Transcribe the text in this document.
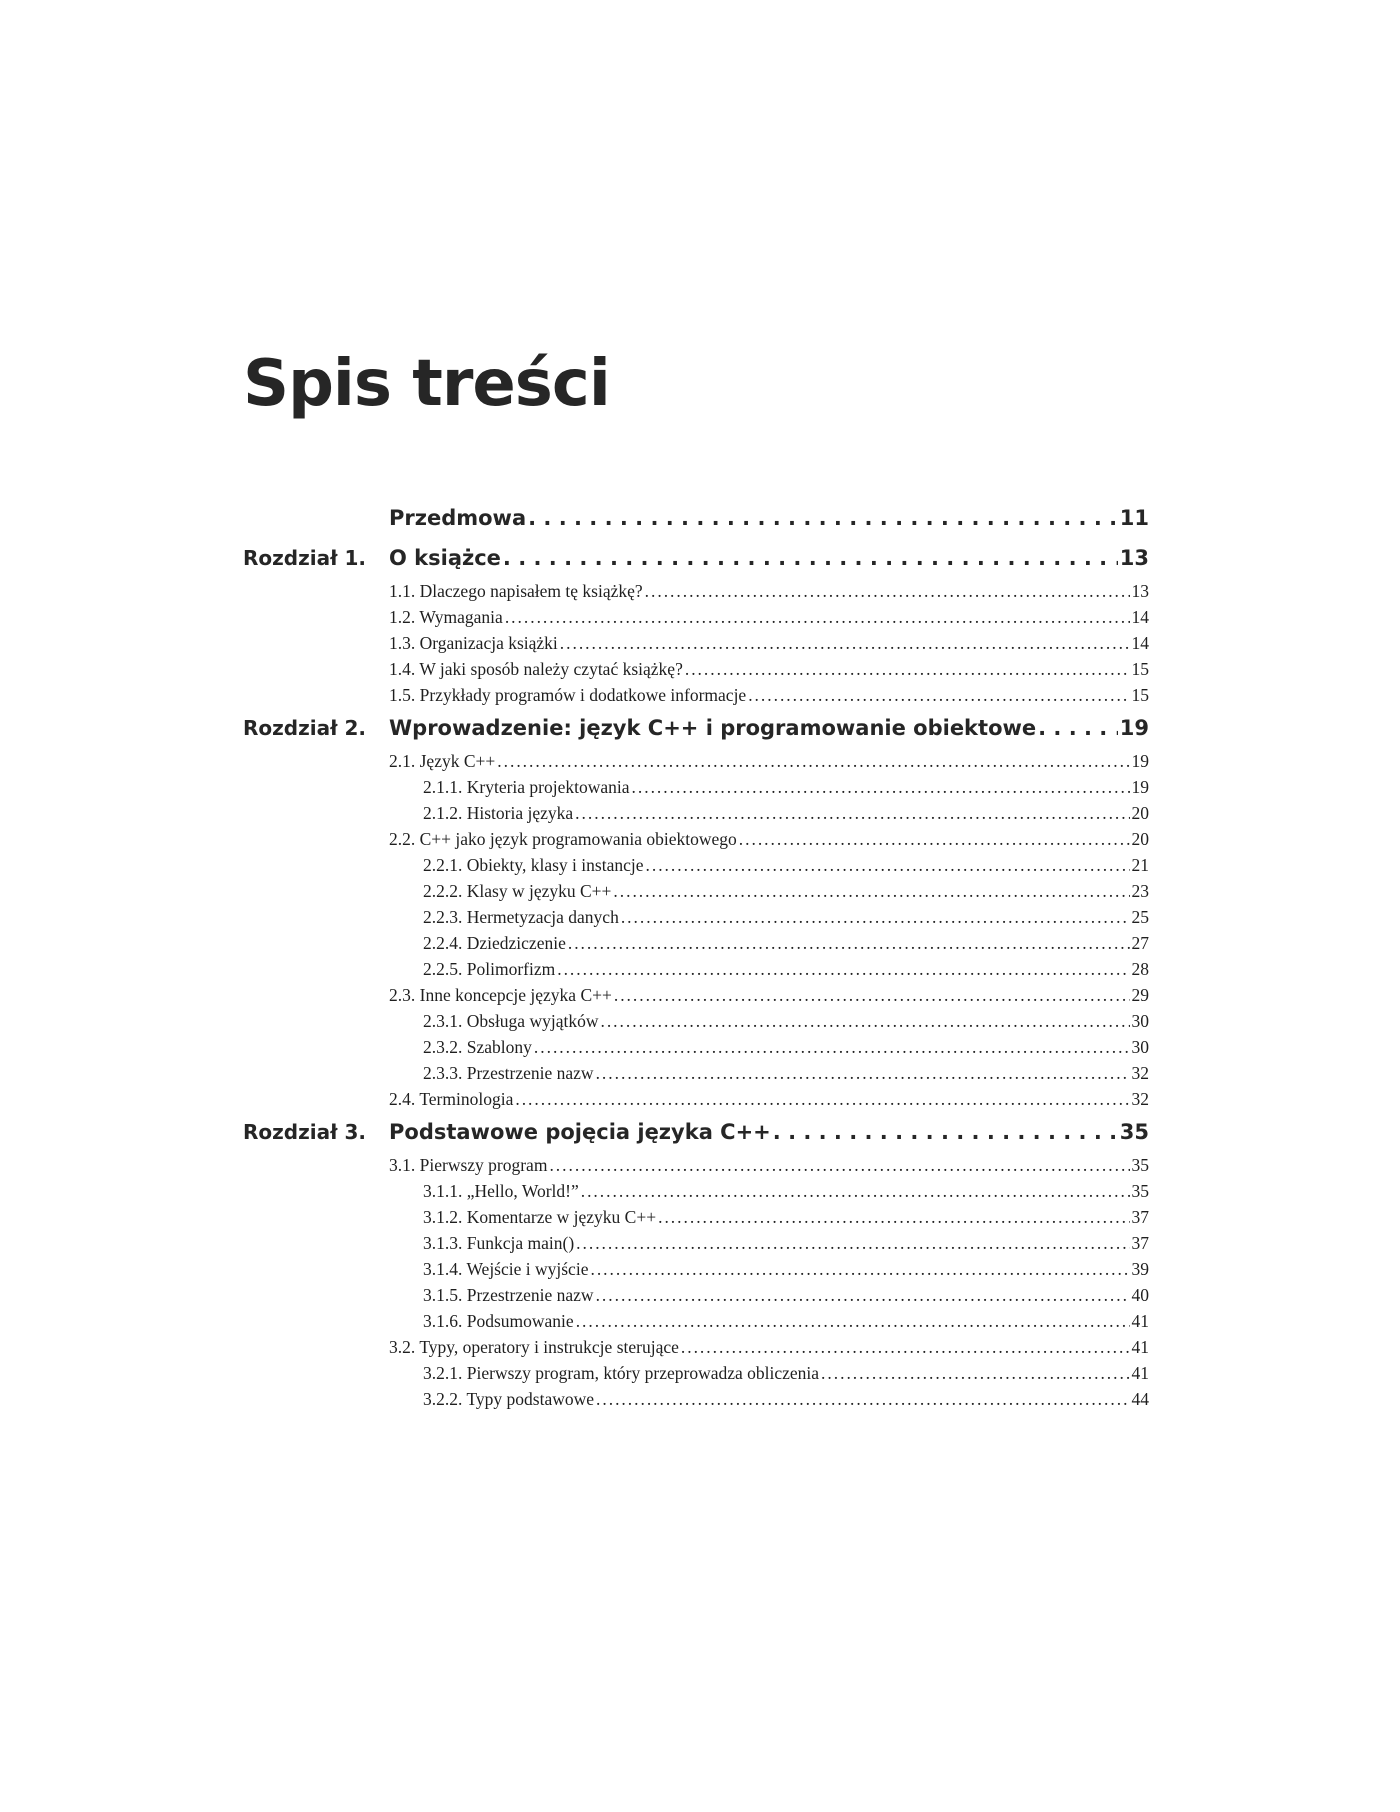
Spis treści
Przedmowa . . .	11
Rozdział 1.	O książce . . .	13
1.1. Dlaczego napisałem tę książkę? . . .	13
1.2. Wymagania . . .	14
1.3. Organizacja książki . . .	14
1.4. W jaki sposób należy czytać książkę? . . .	15
1.5. Przykłady programów i dodatkowe informacje . . .	15
Rozdział 2.	Wprowadzenie: język C++ i programowanie obiektowe . . .	19
2.1. Język C++ . . .	19
2.1.1. Kryteria projektowania . . .	19
2.1.2. Historia języka . . .	20
2.2. C++ jako język programowania obiektowego . . .	20
2.2.1. Obiekty, klasy i instancje . . .	21
2.2.2. Klasy w języku C++ . . .	23
2.2.3. Hermetyzacja danych . . .	25
2.2.4. Dziedziczenie . . .	27
2.2.5. Polimorfizm . . .	28
2.3. Inne koncepcje języka C++ . . .	29
2.3.1. Obsługa wyjątków . . .	30
2.3.2. Szablony . . .	30
2.3.3. Przestrzenie nazw . . .	32
2.4. Terminologia . . .	32
Rozdział 3.	Podstawowe pojęcia języka C++ . . .	35
3.1. Pierwszy program . . .	35
3.1.1. „Hello, World!” . . .	35
3.1.2. Komentarze w języku C++ . . .	37
3.1.3. Funkcja main() . . .	37
3.1.4. Wejście i wyjście . . .	39
3.1.5. Przestrzenie nazw . . .	40
3.1.6. Podsumowanie . . .	41
3.2. Typy, operatory i instrukcje sterujące . . .	41
3.2.1. Pierwszy program, który przeprowadza obliczenia . . .	41
3.2.2. Typy podstawowe . . .	44
